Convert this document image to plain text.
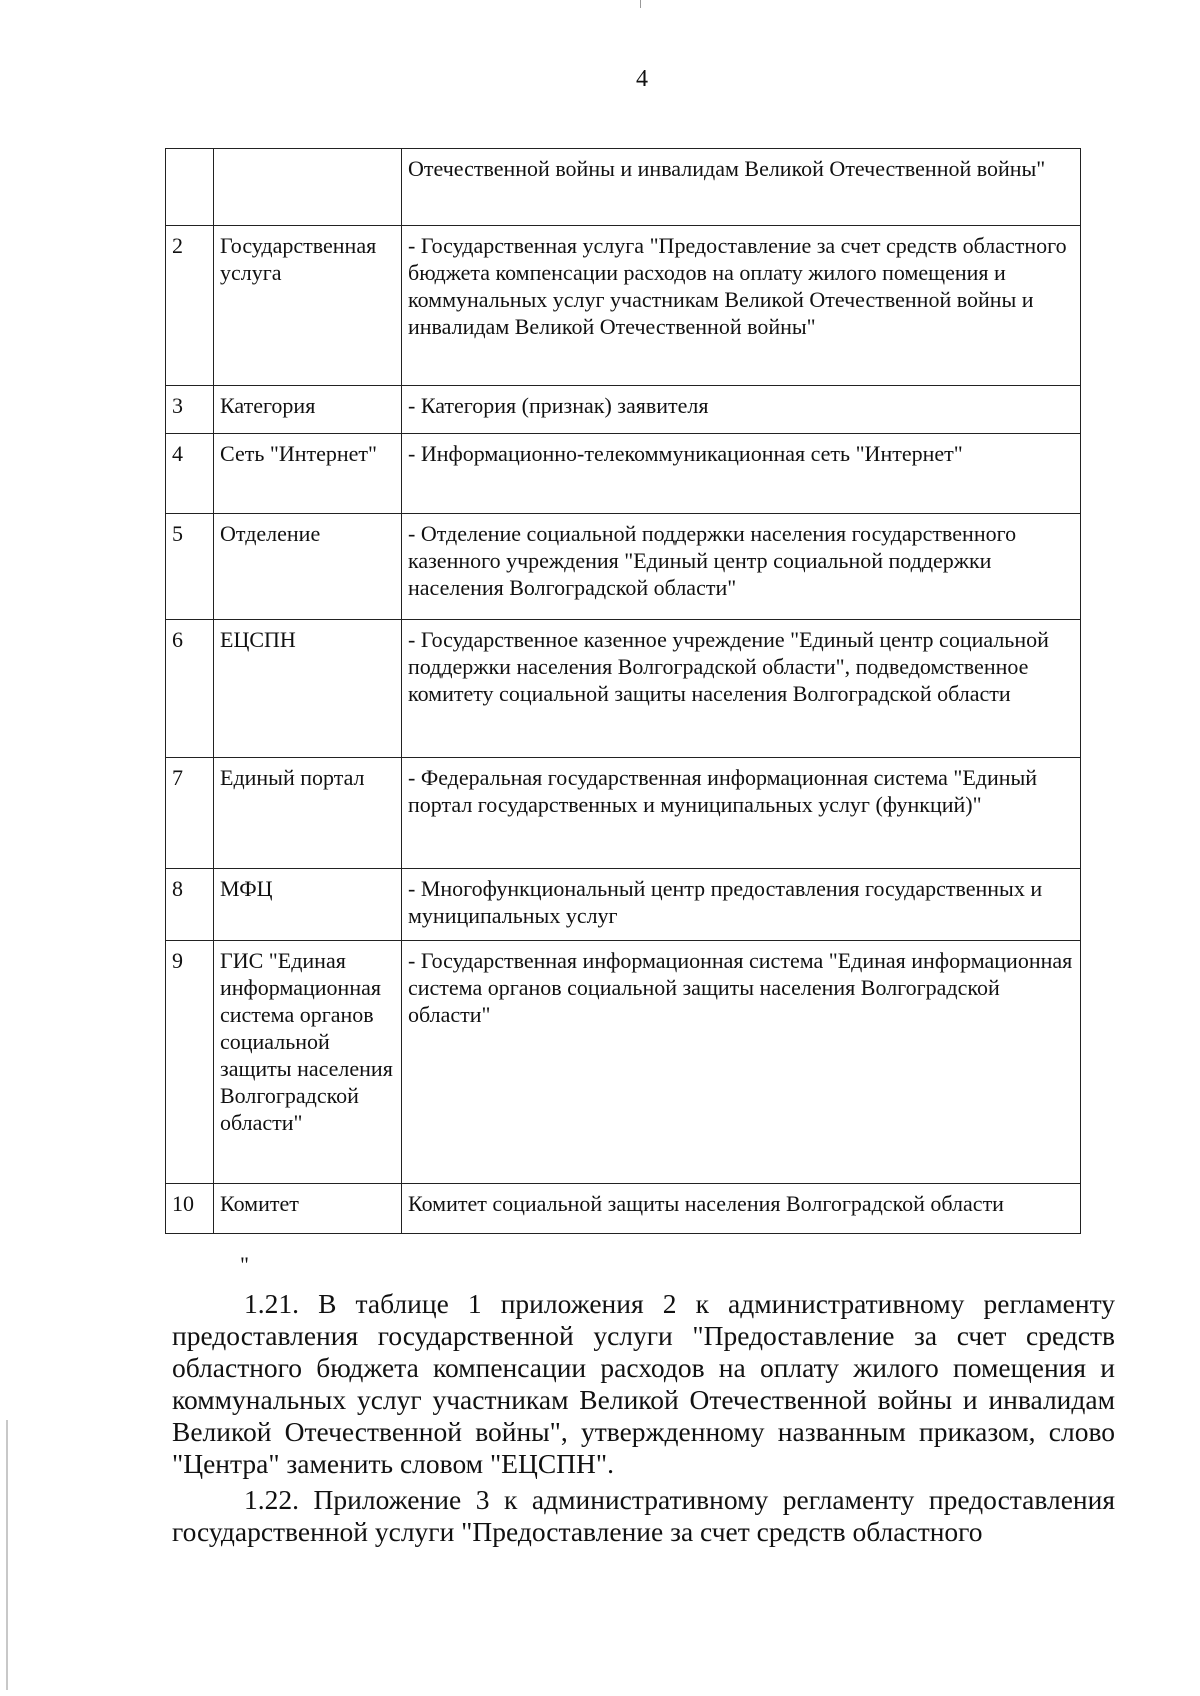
4
		Отечественной войны и инвалидам Великой Отечественной войны"
2	Государственная услуга	- Государственная услуга "Предоставление за счет средств областного бюджета компенсации расходов на оплату жилого помещения и коммунальных услуг участникам Великой Отечественной войны и инвалидам Великой Отечественной войны"
3	Категория	- Категория (признак) заявителя
4	Сеть "Интернет"	- Информационно-телекоммуникационная сеть "Интернет"
5	Отделение	- Отделение социальной поддержки населения государственного казенного учреждения "Единый центр социальной поддержки населения Волгоградской области"
6	ЕЦСПН	- Государственное казенное учреждение "Единый центр социальной поддержки населения Волгоградской области", подведомственное комитету социальной защиты населения Волгоградской области
7	Единый портал	- Федеральная государственная информационная система "Единый портал государственных и муниципальных услуг (функций)"
8	МФЦ	- Многофункциональный центр предоставления государственных и муниципальных услуг
9	ГИС "Единая информационная система органов социальной защиты населения Волгоградской области"	- Государственная информационная система "Единая информационная система органов социальной защиты населения Волгоградской области"
10	Комитет	Комитет социальной защиты населения Волгоградской области
"

1.21. В таблице 1 приложения 2 к административному регламенту предоставления государственной услуги "Предоставление за счет средств областного бюджета компенсации расходов на оплату жилого помещения и коммунальных услуг участникам Великой Отечественной войны и инвалидам Великой Отечественной войны", утвержденному названным приказом, слово "Центра" заменить словом "ЕЦСПН".

1.22. Приложение 3 к административному регламенту предоставления государственной услуги "Предоставление за счет средств областного
